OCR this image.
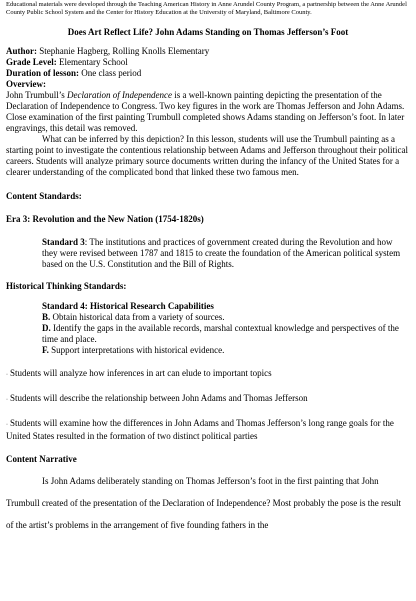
Educational materials were developed through the Teaching American History in Anne Arundel County Program, a partnership between the Anne Arundel County Public School System and the Center for History Education at the University of Maryland, Baltimore County.
Does Art Reflect Life? John Adams Standing on Thomas Jefferson’s Foot
Author: Stephanie Hagberg, Rolling Knolls Elementary
Grade Level: Elementary School
Duration of lesson: One class period
Overview:

John Trumbull’s Declaration of Independence is a well-known painting depicting the presentation of the Declaration of Independence to Congress. Two key figures in the work are Thomas Jefferson and John Adams. Close examination of the first painting Trumbull completed shows Adams standing on Jefferson’s foot. In later engravings, this detail was removed.

What can be inferred by this depiction? In this lesson, students will use the Trumbull painting as a starting point to investigate the contentious relationship between Adams and Jefferson throughout their political careers. Students will analyze primary source documents written during the infancy of the United States for a clearer understanding of the complicated bond that linked these two famous men.

Content Standards:
Era 3: Revolution and the New Nation (1754-1820s)
Standard 3: The institutions and practices of government created during the Revolution and how they were revised between 1787 and 1815 to create the foundation of the American political system based on the U.S. Constitution and the Bill of Rights.
Historical Thinking Standards:
Standard 4: Historical Research Capabilities
B. Obtain historical data from a variety of sources.
D. Identify the gaps in the available records, marshal contextual knowledge and perspectives of the time and place.
F. Support interpretations with historical evidence.
· Students will analyze how inferences in art can elude to important topics
· Students will describe the relationship between John Adams and Thomas Jefferson
· Students will examine how the differences in John Adams and Thomas Jefferson’s long range goals for the United States resulted in the formation of two distinct political parties
Content Narrative

Is John Adams deliberately standing on Thomas Jefferson’s foot in the first painting that John Trumbull created of the presentation of the Declaration of Independence? Most probably the pose is the result of the artist’s problems in the arrangement of five founding fathers in the
